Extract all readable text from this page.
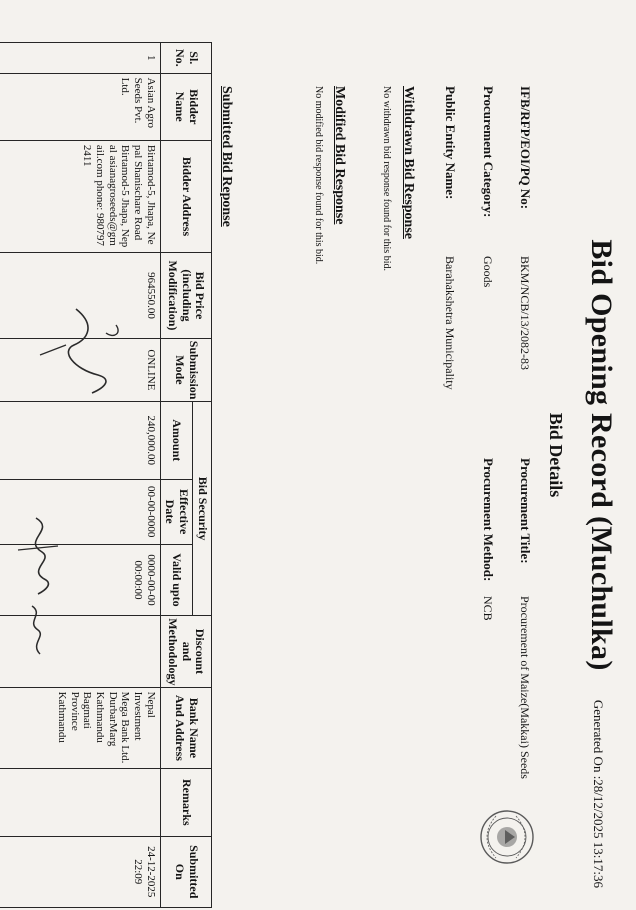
Bid Opening Record (Muchulka)
Generated On :28/12/2025 13:17:36
Bid Details
IFB/RFP/EOI/PQ No:
BKM/NCB/13/2082-83
Procurement Title:
Procurement of Maize(Makkai) Seeds
Procurement Category:
Goods
Procurement Method:
NCB
Public Entity Name:
Barahakshetra Municipality
Withdrawn Bid Response
No withdrawn bid response found for this bid.
Modified Bid Response
No modified bid response found for this bid.
Submitted Bid Reponse
Sl. No.	Bidder Name	Bidder Address	Bid Price (including Modification)	Submission Mode	Bid Security			Discount and Methodology	Bank Name And Address	Remarks	Submitted On
					Amount	Effective Date	Valid upto				
1	Asian Agro Seeds Pvt. Ltd.	Birtamod-5, Jhapa, Nepal Shanischare Road Birtamod-5 Jhapa, Nepal asianagroseeds@gmail.com phone: 9807972411	964550.00	ONLINE	240,000.00	00-00-0000	0000-00-00 00:00:00		Nepal Investment Mega Bank Ltd. DurbarMarg Kathmandu Bagmati Province Kathmandu		24-12-2025 22:09
